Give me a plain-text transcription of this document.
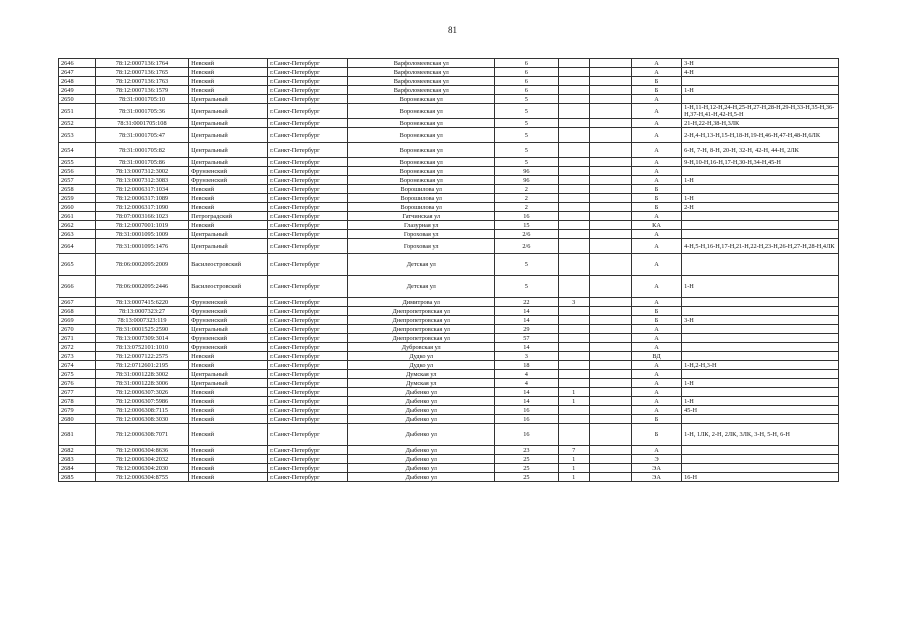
81
2646	78:12:0007136:1764	Невский	г.Санкт-Петербург	Варфоломеевская ул	6			А	3-Н
2647	78:12:0007136:1765	Невский	г.Санкт-Петербург	Варфоломеевская ул	6			А	4-Н
2648	78:12:0007136:1763	Невский	г.Санкт-Петербург	Варфоломеевская ул	6			Б	
2649	78:12:0007136:1579	Невский	г.Санкт-Петербург	Варфоломеевская ул	6			Б	1-Н
2650	78:31:0001705:10	Центральный	г.Санкт-Петербург	Воронежская ул	5			А	
2651	78:31:0001705:36	Центральный	г.Санкт-Петербург	Воронежская ул	5			А	1-Н,11-Н,12-Н,24-Н,25-Н,27-Н,28-Н,29-Н,33-Н,35-Н,36-Н,37-Н,41-Н,42-Н,5-Н
2652	78:31:0001705:108	Центральный	г.Санкт-Петербург	Воронежская ул	5			А	21-Н,22-Н,38-Н,3ЛК
2653	78:31:0001705:47	Центральный	г.Санкт-Петербург	Воронежская ул	5			А	2-Н,4-Н,13-Н,15-Н,18-Н,19-Н,46-Н,47-Н,48-Н,6ЛК
2654	78:31:0001705:82	Центральный	г.Санкт-Петербург	Воронежская ул	5			А	6-Н, 7-Н, 8-Н, 20-Н, 32-Н, 42-Н, 44-Н, 2ЛК
2655	78:31:0001705:86	Центральный	г.Санкт-Петербург	Воронежская ул	5			А	9-Н,10-Н,16-Н,17-Н,30-Н,34-Н,45-Н
2656	78:13:0007312:3002	Фрунзенский	г.Санкт-Петербург	Воронежская ул	96			А	
2657	78:13:0007312:3083	Фрунзенский	г.Санкт-Петербург	Воронежская ул	96			А	1-Н
2658	78:12:0006317:1034	Невский	г.Санкт-Петербург	Ворошилова ул	2			Б	
2659	78:12:0006317:1089	Невский	г.Санкт-Петербург	Ворошилова ул	2			Б	1-Н
2660	78:12:0006317:1090	Невский	г.Санкт-Петербург	Ворошилова ул	2			Б	2-Н
2661	78:07:0003166:1023	Петроградский	г.Санкт-Петербург	Гатчинская ул	16			А	
2662	78:12:0007001:1019	Невский	г.Санкт-Петербург	Глазурная ул	15			КА	
2663	78:31:0001095:1009	Центральный	г.Санкт-Петербург	Гороховая ул	2/6			А	
2664	78:31:0001095:1476	Центральный	г.Санкт-Петербург	Гороховая ул	2/6			А	4-Н,5-Н,16-Н,17-Н,21-Н,22-Н,23-Н,26-Н,27-Н,28-Н,4ЛК
2665	78:06:0002095:2009	Василеостровский	г.Санкт-Петербург	Детская ул	5			А	
2666	78:06:0002095:2446	Василеостровский	г.Санкт-Петербург	Детская ул	5			А	1-Н
2667	78:13:0007415:6220	Фрунзенский	г.Санкт-Петербург	Димитрова ул	22	3		А	
2668	78:13:0007323:27	Фрунзенский	г.Санкт-Петербург	Днепропетровская ул	14			Б	
2669	78:13:0007323:119	Фрунзенский	г.Санкт-Петербург	Днепропетровская ул	14			Б	3-Н
2670	78:31:0001525:2590	Центральный	г.Санкт-Петербург	Днепропетровская ул	29			А	
2671	78:13:0007309:3014	Фрунзенский	г.Санкт-Петербург	Днепропетровская ул	57			А	
2672	78:13:0752101:1010	Фрунзенский	г.Санкт-Петербург	Дубровская ул	14			А	
2673	78:12:0007122:2575	Невский	г.Санкт-Петербург	Дудко ул	3			ВД	
2674	78:12:0712601:2195	Невский	г.Санкт-Петербург	Дудко ул	18			А	1-Н,2-Н,3-Н
2675	78:31:0001228:3002	Центральный	г.Санкт-Петербург	Думская ул	4			А	
2676	78:31:0001228:3006	Центральный	г.Санкт-Петербург	Думская ул	4			А	1-Н
2677	78:12:0006307:3026	Невский	г.Санкт-Петербург	Дыбенко ул	14	1		А	
2678	78:12:0006307:5986	Невский	г.Санкт-Петербург	Дыбенко ул	14	1		А	1-Н
2679	78:12:0006308:7115	Невский	г.Санкт-Петербург	Дыбенко ул	16			А	45-Н
2680	78:12:0006308:3030	Невский	г.Санкт-Петербург	Дыбенко ул	16			Б	
2681	78:12:0006308:7071	Невский	г.Санкт-Петербург	Дыбенко ул	16			Б	1-Н, 1ЛК, 2-Н, 2ЛК, 3ЛК, 3-Н, 5-Н, 6-Н
2682	78:12:0006304:8636	Невский	г.Санкт-Петербург	Дыбенко ул	23	7		А	
2683	78:12:0006304:2032	Невский	г.Санкт-Петербург	Дыбенко ул	25	1		Э	
2684	78:12:0006304:2030	Невский	г.Санкт-Петербург	Дыбенко ул	25	1		ЭА	
2685	78:12:0006304:8755	Невский	г.Санкт-Петербург	Дыбенко ул	25	1		ЭА	16-Н
